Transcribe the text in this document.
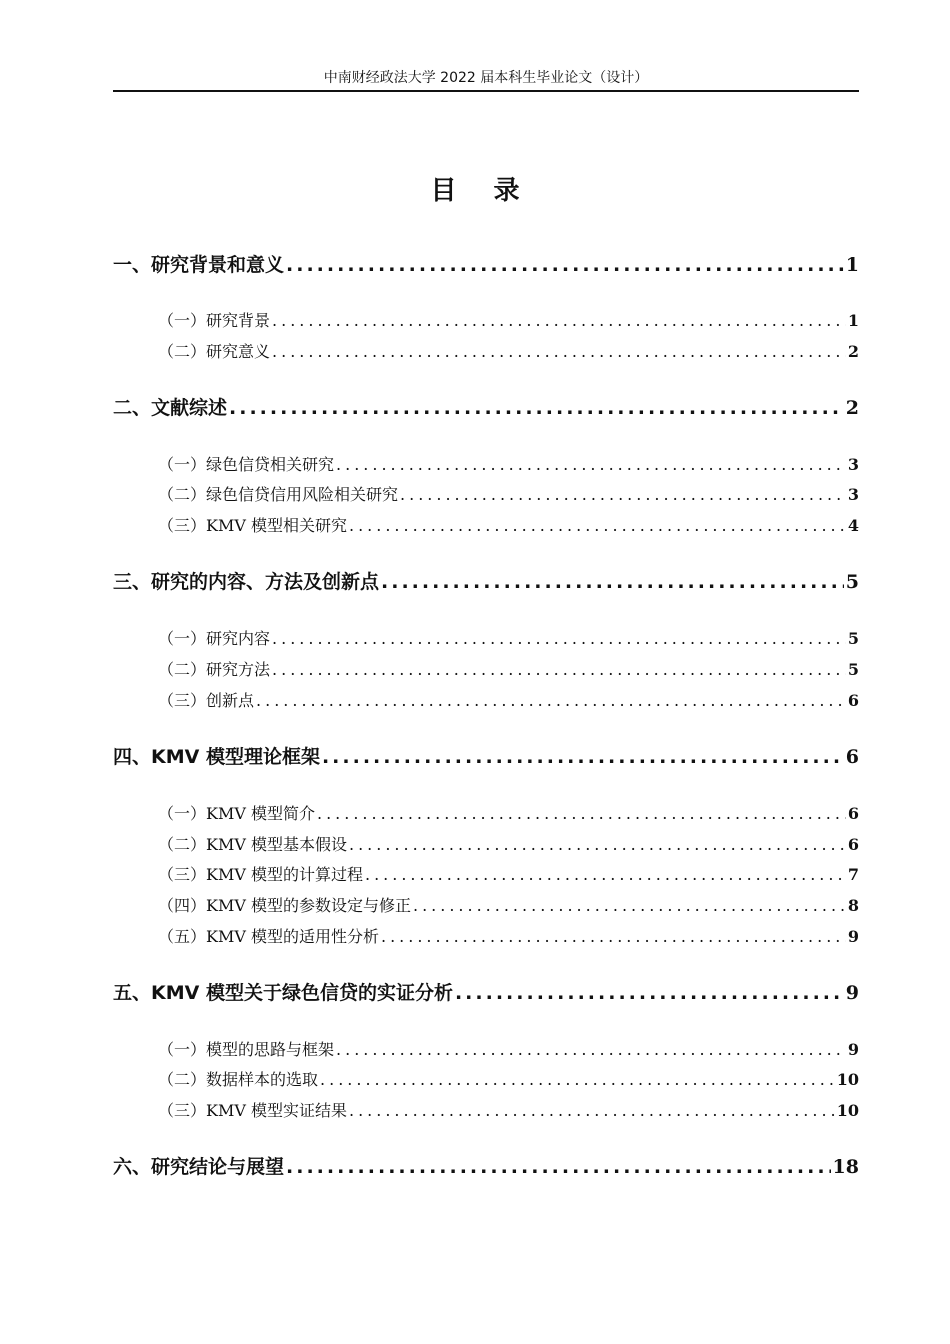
中南财经政法大学 2022 届本科生毕业论文（设计）
目 录
一、研究背景和意义 .....	1
（一）研究背景 .....	1
（二）研究意义 .....	2
二、文献综述 .....	2
（一）绿色信贷相关研究 .....	3
（二）绿色信贷信用风险相关研究 .....	3
（三）KMV 模型相关研究 .....	4
三、研究的内容、方法及创新点 .....	5
（一）研究内容 .....	5
（二）研究方法 .....	5
（三）创新点 .....	6
四、KMV 模型理论框架 .....	6
（一）KMV 模型简介 .....	6
（二）KMV 模型基本假设 .....	6
（三）KMV 模型的计算过程 .....	7
（四）KMV 模型的参数设定与修正 .....	8
（五）KMV 模型的适用性分析 .....	9
五、KMV 模型关于绿色信贷的实证分析 .....	9
（一）模型的思路与框架 .....	9
（二）数据样本的选取 .....	10
（三）KMV 模型实证结果 .....	10
六、研究结论与展望 .....	18
